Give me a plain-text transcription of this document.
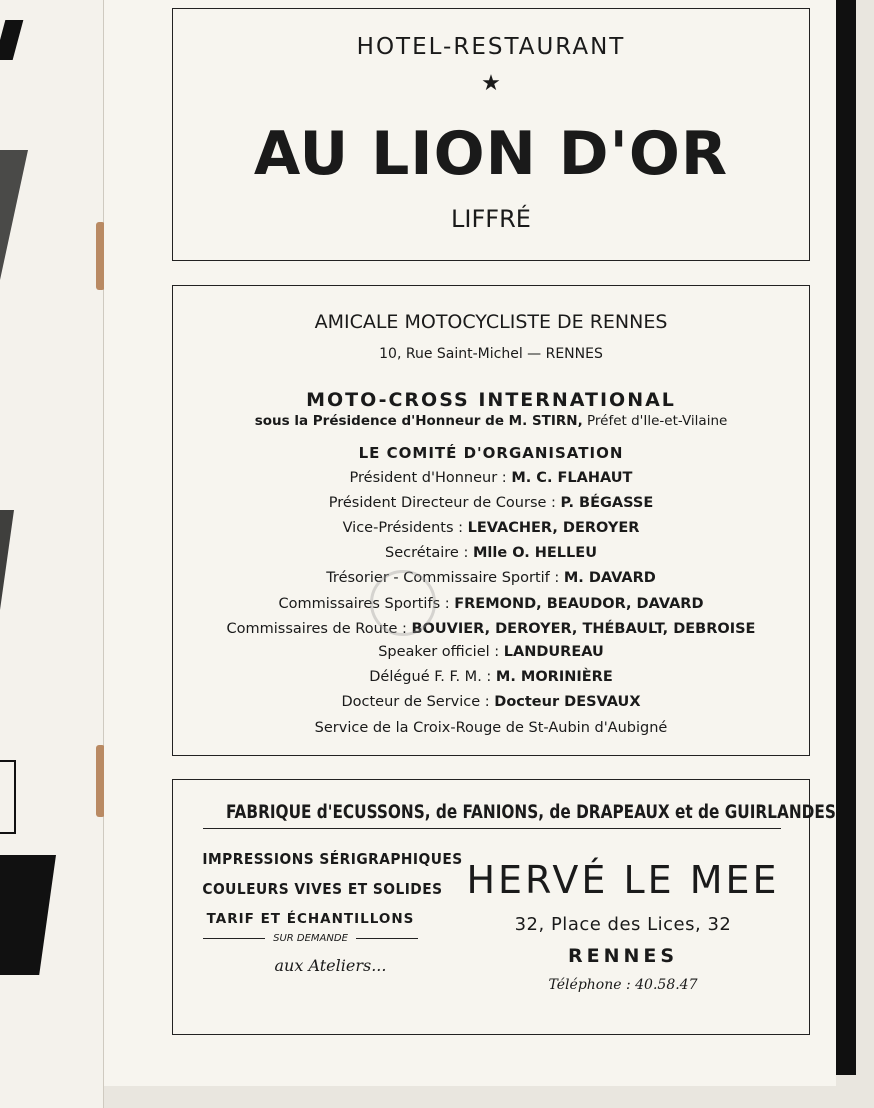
HOTEL-RESTAURANT
★
AU LION D'OR
LIFFRÉ
AMICALE MOTOCYCLISTE DE RENNES
10, Rue Saint-Michel — RENNES
MOTO-CROSS INTERNATIONAL
sous la Présidence d'Honneur de M. STIRN, Préfet d'Ile-et-Vilaine
LE COMITÉ D'ORGANISATION
Président d'Honneur : M. C. FLAHAUT
Président Directeur de Course : P. BÉGASSE
Vice-Présidents : LEVACHER, DEROYER
Secrétaire : Mlle O. HELLEU
Trésorier - Commissaire Sportif : M. DAVARD
Commissaires Sportifs : FREMOND, BEAUDOR, DAVARD
Commissaires de Route : BOUVIER, DEROYER, THÉBAULT, DEBROISE
Speaker officiel : LANDUREAU
Délégué F. F. M. : M. MORINIÈRE
Docteur de Service : Docteur DESVAUX
Service de la Croix-Rouge de St-Aubin d'Aubigné
FABRIQUE d'ECUSSONS, de FANIONS, de DRAPEAUX et de GUIRLANDES
IMPRESSIONS SÉRIGRAPHIQUES
COULEURS VIVES ET SOLIDES
TARIF ET ÉCHANTILLONS
SUR DEMANDE
aux Ateliers...
HERVÉ LE MEE
32, Place des Lices, 32
RENNES
Téléphone : 40.58.47
